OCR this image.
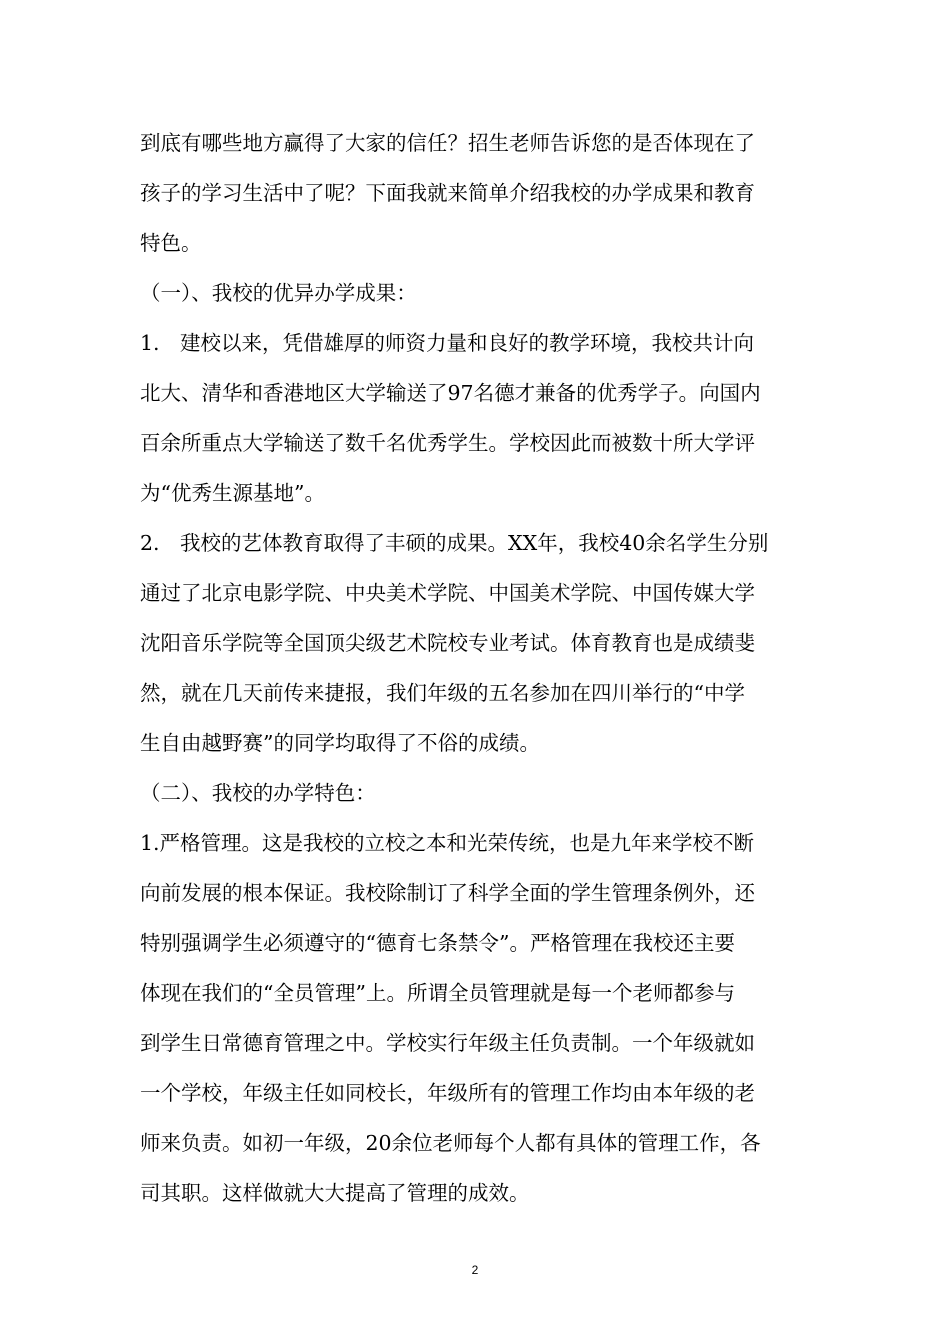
到底有哪些地方赢得了大家的信任？招生老师告诉您的是否体现在了
孩子的学习生活中了呢？下面我就来简单介绍我校的办学成果和教育
特色。
（一）、我校的优异办学成果：
1.　建校以来，凭借雄厚的师资力量和良好的教学环境，我校共计向
北大、清华和香港地区大学输送了97名德才兼备的优秀学子。向国内
百余所重点大学输送了数千名优秀学生。学校因此而被数十所大学评
为“优秀生源基地”。
2.　我校的艺体教育取得了丰硕的成果。XX年，我校40余名学生分别
通过了北京电影学院、中央美术学院、中国美术学院、中国传媒大学
沈阳音乐学院等全国顶尖级艺术院校专业考试。体育教育也是成绩斐
然，就在几天前传来捷报，我们年级的五名参加在四川举行的“中学
生自由越野赛”的同学均取得了不俗的成绩。
（二）、我校的办学特色：
1.严格管理。这是我校的立校之本和光荣传统，也是九年来学校不断
向前发展的根本保证。我校除制订了科学全面的学生管理条例外，还
特别强调学生必须遵守的“德育七条禁令”。严格管理在我校还主要
体现在我们的“全员管理”上。所谓全员管理就是每一个老师都参与
到学生日常德育管理之中。学校实行年级主任负责制。一个年级就如
一个学校，年级主任如同校长，年级所有的管理工作均由本年级的老
师来负责。如初一年级，20余位老师每个人都有具体的管理工作，各
司其职。这样做就大大提高了管理的成效。
2
